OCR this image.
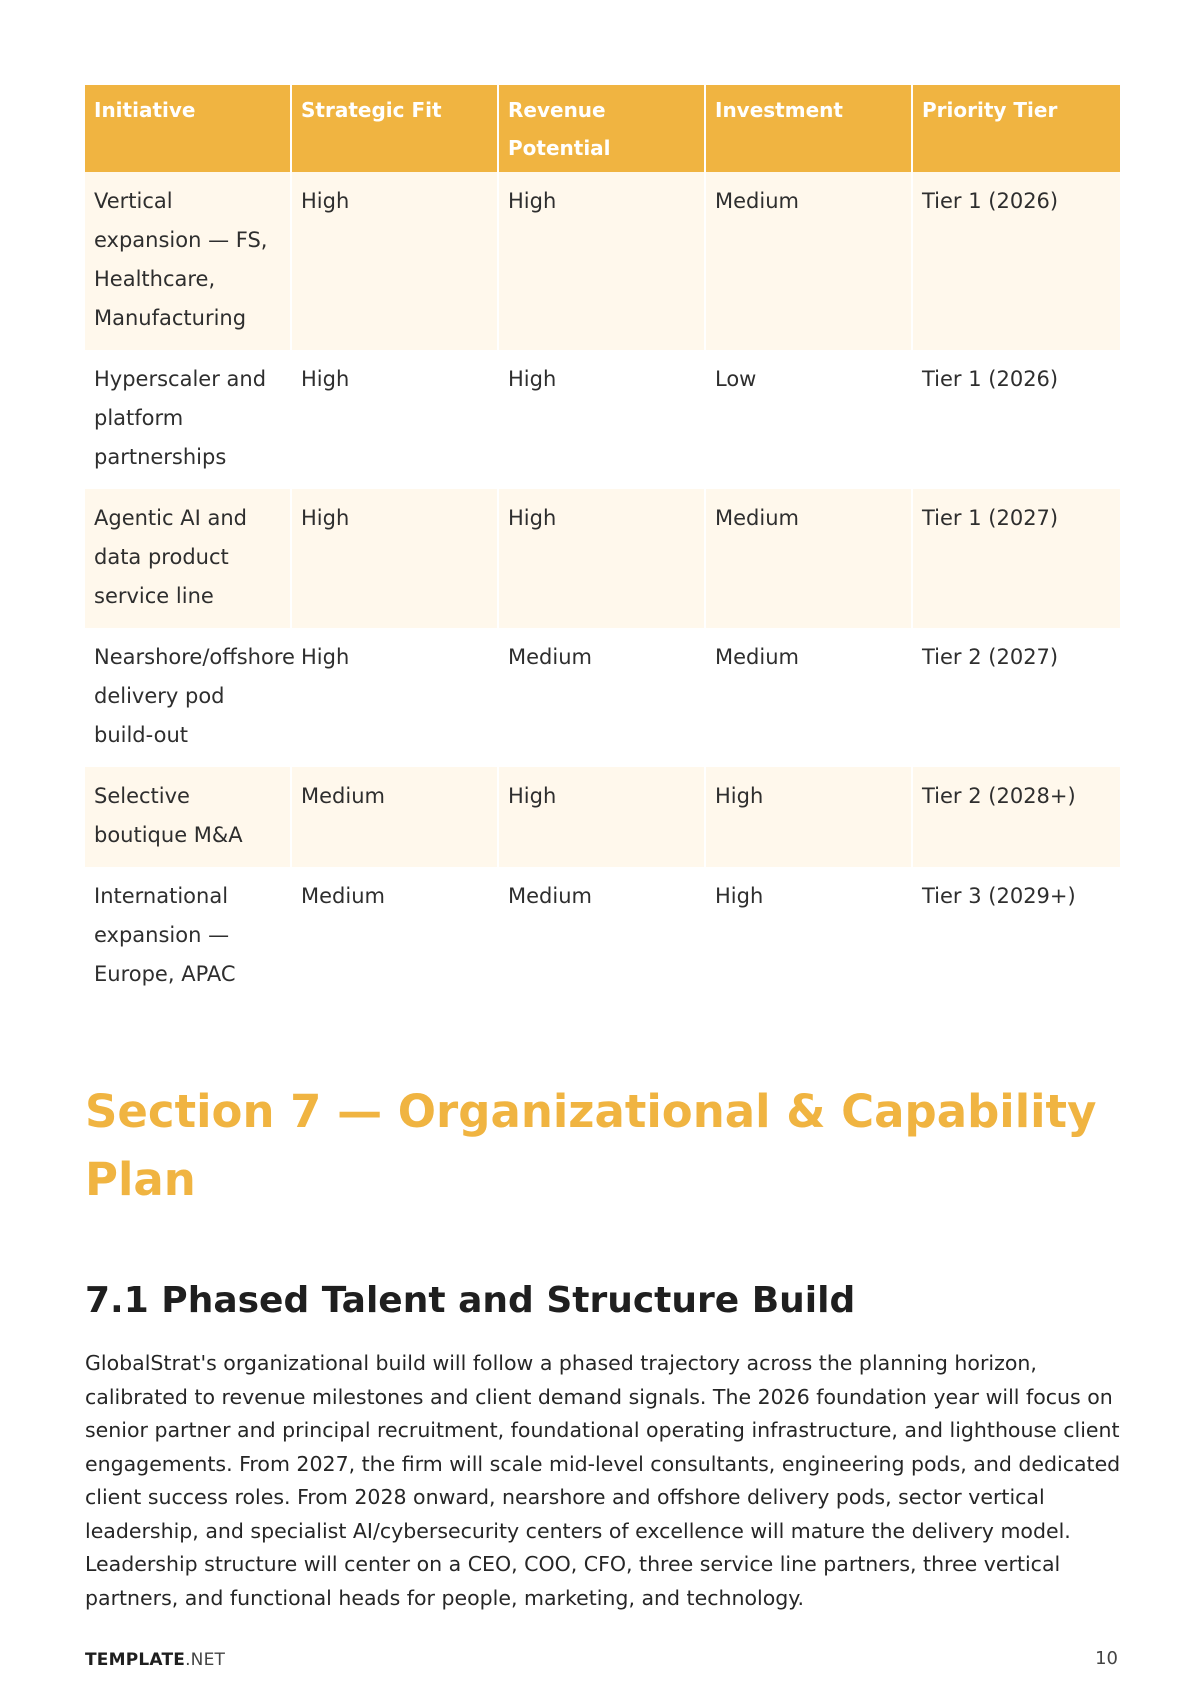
Initiative	Strategic Fit	Revenue Potential	Investment	Priority Tier
Vertical expansion — FS, Healthcare, Manufacturing	High	High	Medium	Tier 1 (2026)
Hyperscaler and platform partnerships	High	High	Low	Tier 1 (2026)
Agentic AI and data product service line	High	High	Medium	Tier 1 (2027)
Nearshore/offshore delivery pod build-out	High	Medium	Medium	Tier 2 (2027)
Selective boutique M&A	Medium	High	High	Tier 2 (2028+)
International expansion — Europe, APAC	Medium	Medium	High	Tier 3 (2029+)
Section 7 — Organizational & Capability Plan
7.1 Phased Talent and Structure Build

GlobalStrat's organizational build will follow a phased trajectory across the planning horizon, calibrated to revenue milestones and client demand signals. The 2026 foundation year will focus on senior partner and principal recruitment, foundational operating infrastructure, and lighthouse client engagements. From 2027, the firm will scale mid-level consultants, engineering pods, and dedicated client success roles. From 2028 onward, nearshore and offshore delivery pods, sector vertical leadership, and specialist AI/cybersecurity centers of excellence will mature the delivery model. Leadership structure will center on a CEO, COO, CFO, three service line partners, three vertical partners, and functional heads for people, marketing, and technology.

TEMPLATE.NET	10
